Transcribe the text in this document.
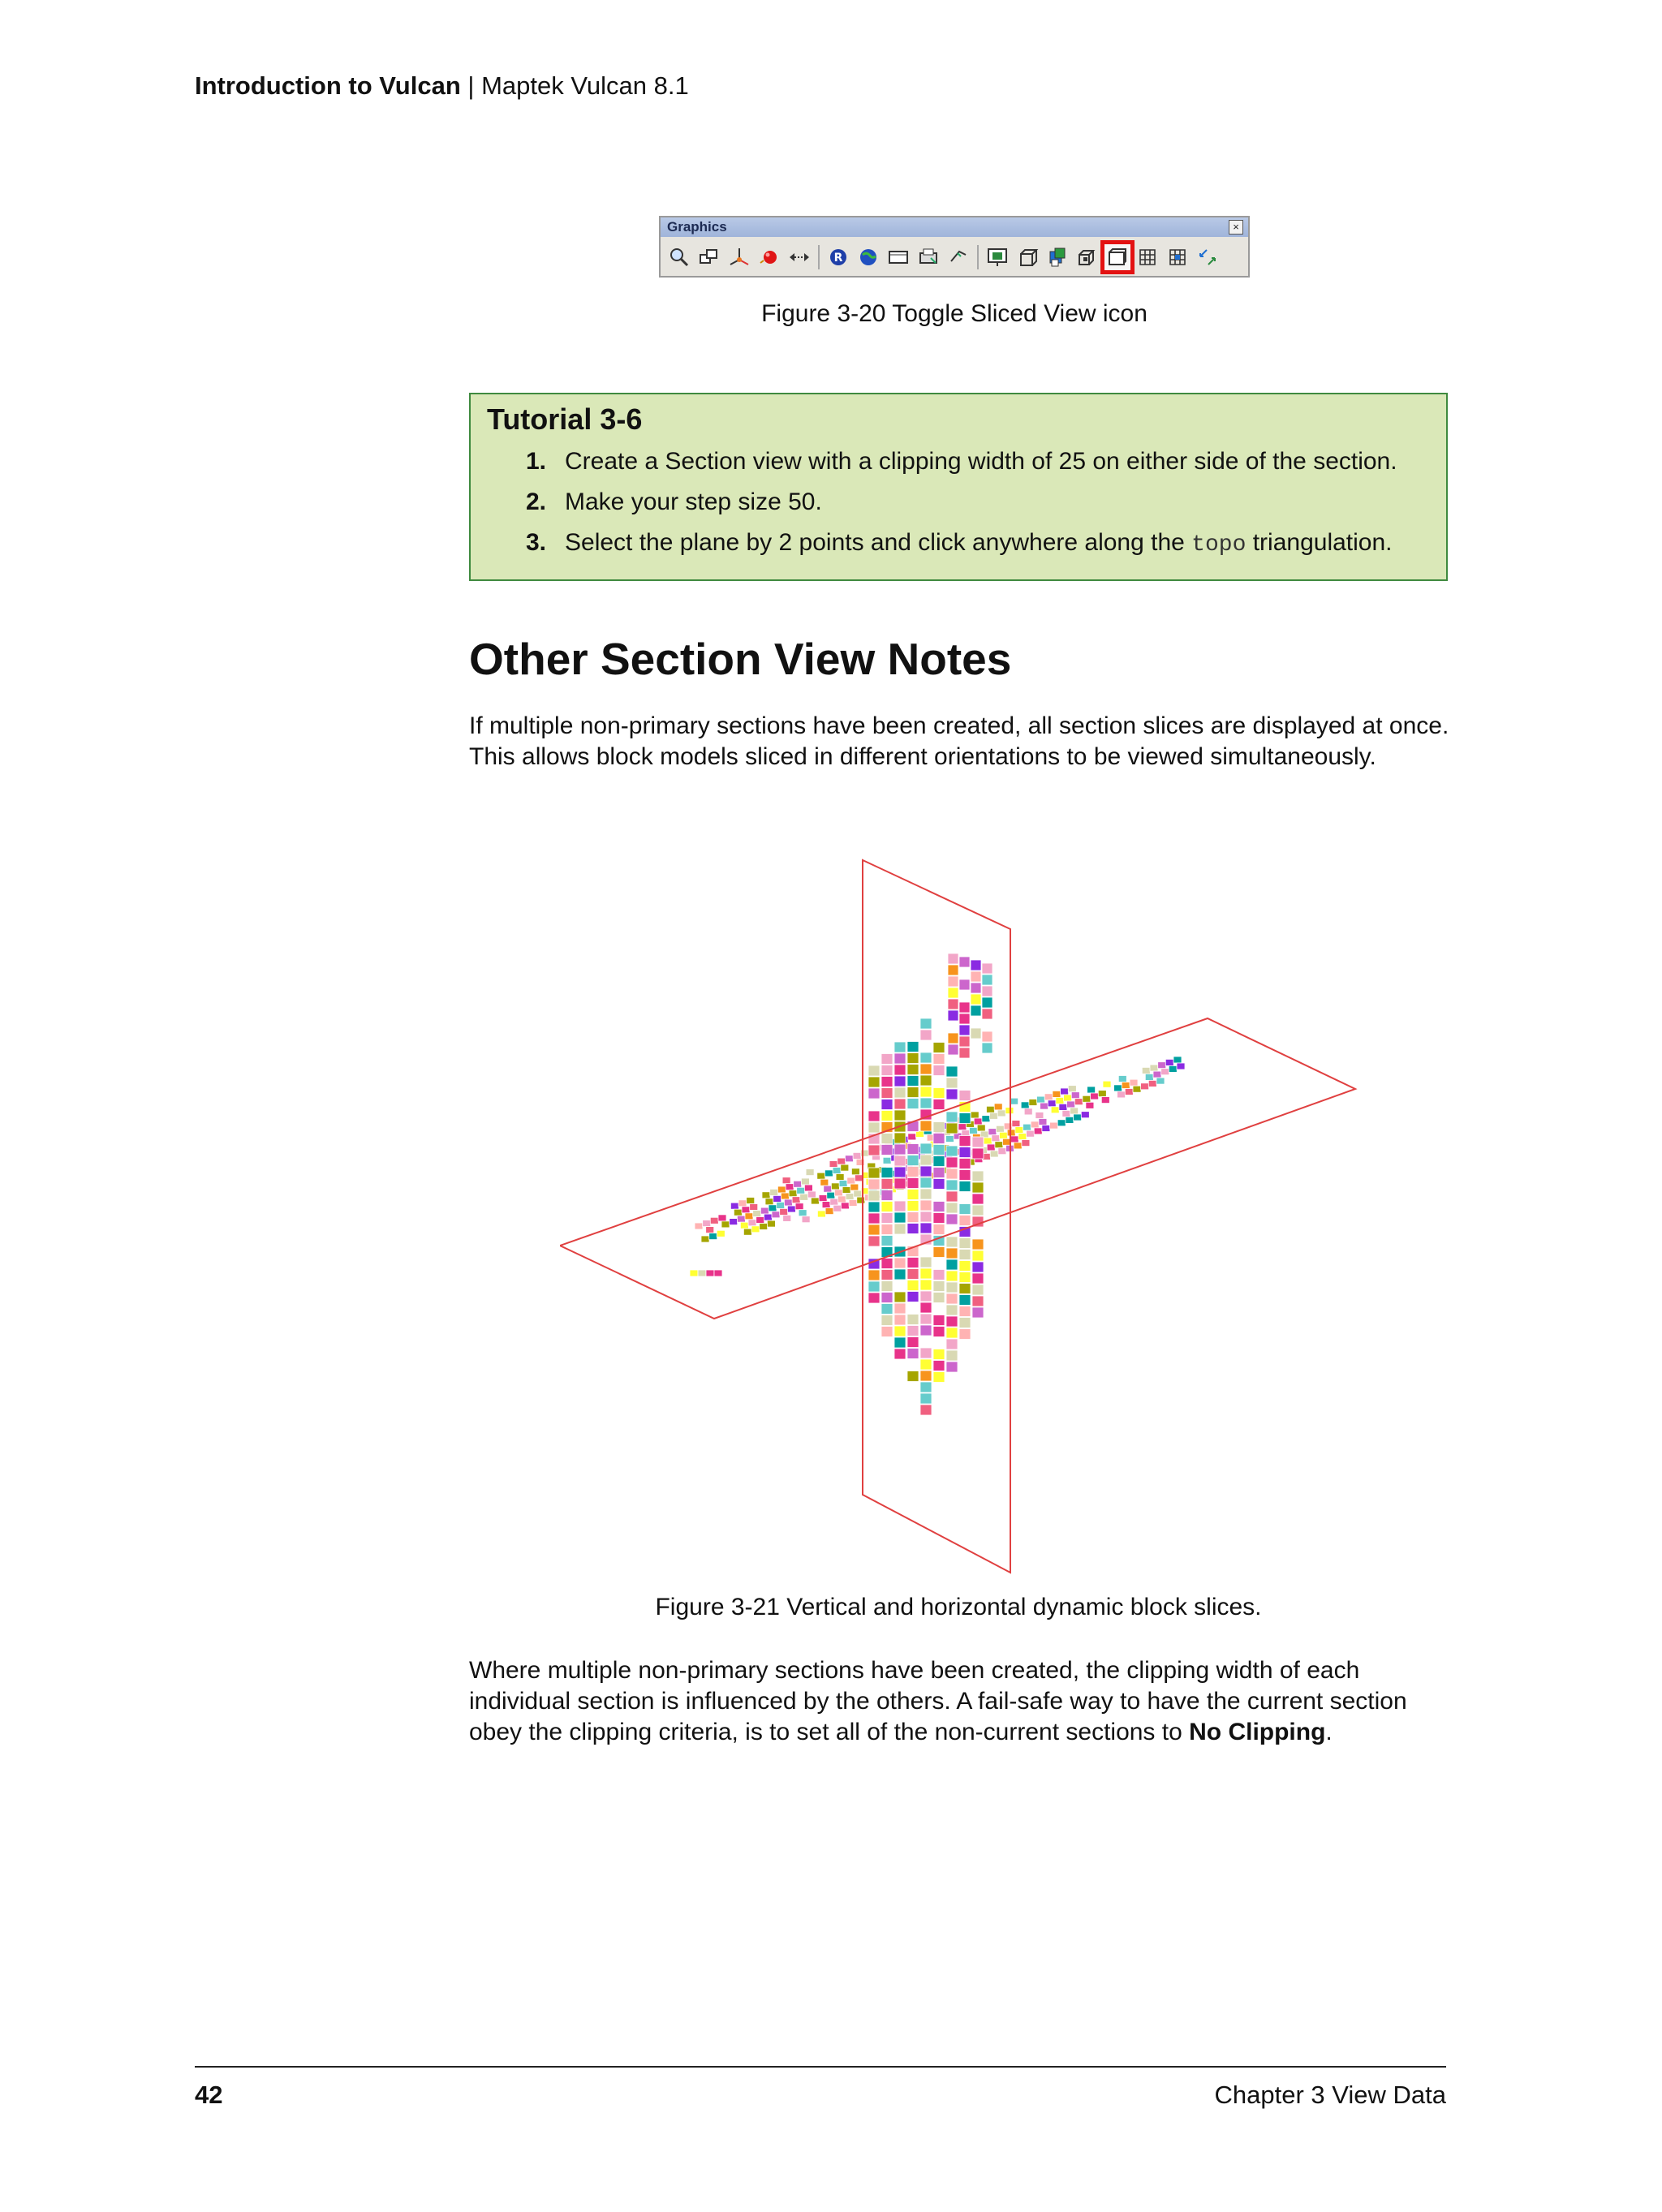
Introduction to Vulcan | Maptek Vulcan 8.1
Graphics	×
R
Figure 3-20 Toggle Sliced View icon
Tutorial 3-6
1. Create a Section view with a clipping width of 25 on either side of the section.
2. Make your step size 50.
3. Select the plane by 2 points and click anywhere along the topo triangulation.
Other Section View Notes
If multiple non-primary sections have been created, all section slices are displayed at once. This allows block models sliced in different orientations to be viewed simultaneously.
Figure 3-21 Vertical and horizontal dynamic block slices.
Where multiple non-primary sections have been created, the clipping width of each individual section is influenced by the others. A fail-safe way to have the current section obey the clipping criteria, is to set all of the non-current sections to No Clipping.
42	Chapter 3 View Data
